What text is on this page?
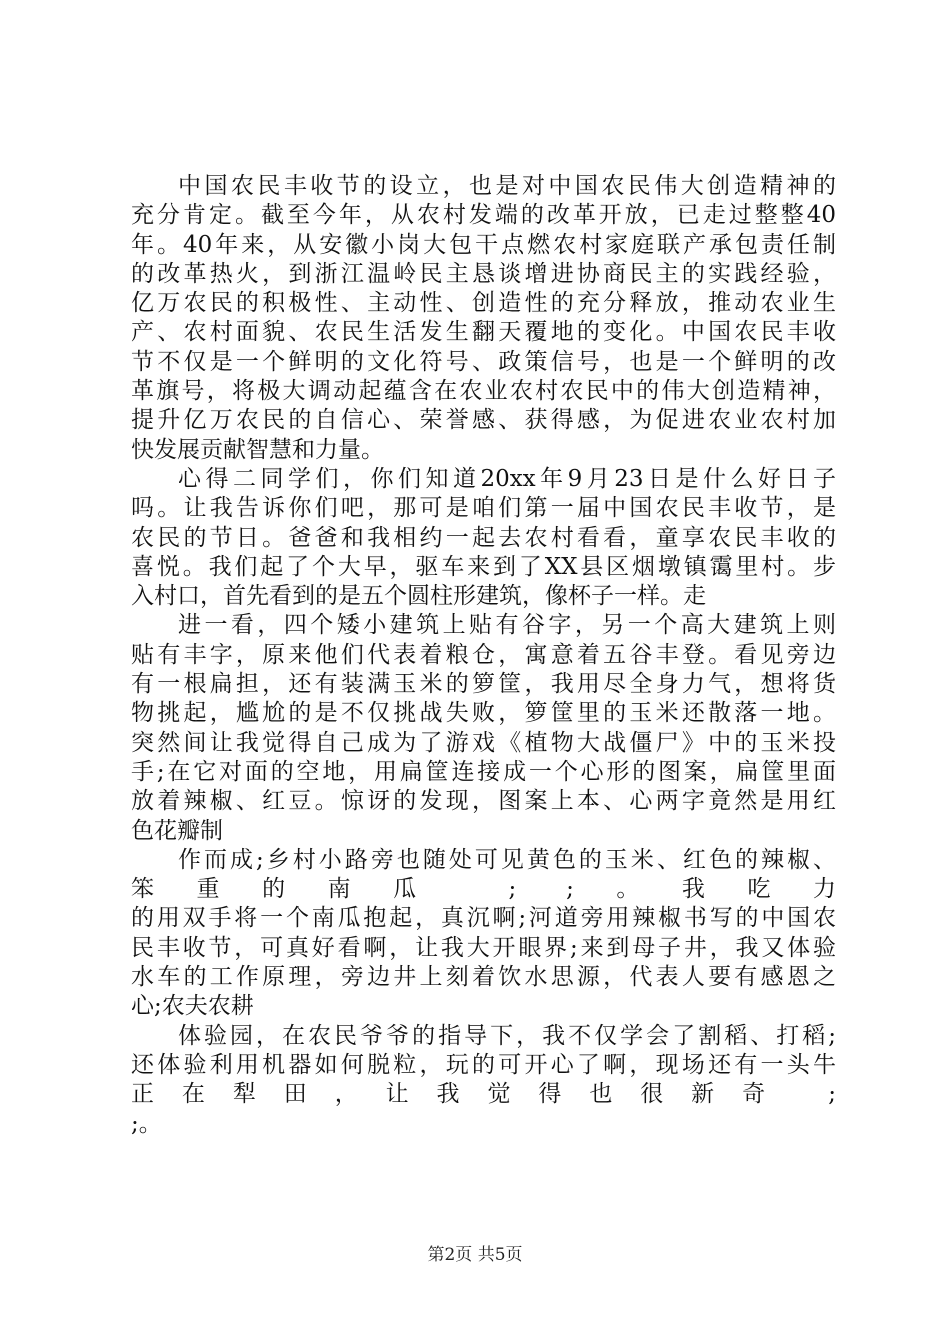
中国农民丰收节的设立，也是对中国农民伟大创造精神的
充分肯定。截至今年，从农村发端的改革开放，已走过整整40
年。40年来，从安徽小岗大包干点燃农村家庭联产承包责任制
的改革热火，到浙江温岭民主恳谈增进协商民主的实践经验，
亿万农民的积极性、主动性、创造性的充分释放，推动农业生
产、农村面貌、农民生活发生翻天覆地的变化。中国农民丰收
节不仅是一个鲜明的文化符号、政策信号，也是一个鲜明的改
革旗号，将极大调动起蕴含在农业农村农民中的伟大创造精神，
提升亿万农民的自信心、荣誉感、获得感，为促进农业农村加
快发展贡献智慧和力量。
心得二同学们，你们知道20xx年9月23日是什么好日子
吗。让我告诉你们吧，那可是咱们第一届中国农民丰收节，是
农民的节日。爸爸和我相约一起去农村看看，童享农民丰收的
喜悦。我们起了个大早，驱车来到了XX县区烟墩镇霭里村。步
入村口，首先看到的是五个圆柱形建筑，像杯子一样。走
进一看，四个矮小建筑上贴有谷字，另一个高大建筑上则
贴有丰字，原来他们代表着粮仓，寓意着五谷丰登。看见旁边
有一根扁担，还有装满玉米的箩筐，我用尽全身力气，想将货
物挑起，尴尬的是不仅挑战失败，箩筐里的玉米还散落一地。
突然间让我觉得自己成为了游戏《植物大战僵尸》中的玉米投
手;在它对面的空地，用扁筐连接成一个心形的图案，扁筐里面
放着辣椒、红豆。惊讶的发现，图案上本、心两字竟然是用红
色花瓣制
作而成;乡村小路旁也随处可见黄色的玉米、红色的辣椒、
笨重的南瓜 ; ;。我吃力
的用双手将一个南瓜抱起，真沉啊;河道旁用辣椒书写的中国农
民丰收节，可真好看啊，让我大开眼界;来到母子井，我又体验
水车的工作原理，旁边井上刻着饮水思源，代表人要有感恩之
心;农夫农耕
体验园，在农民爷爷的指导下，我不仅学会了割稻、打稻;
还体验利用机器如何脱粒，玩的可开心了啊，现场还有一头牛
正在犁田，让我觉得也很新奇 ;
;。
第2页 共5页
